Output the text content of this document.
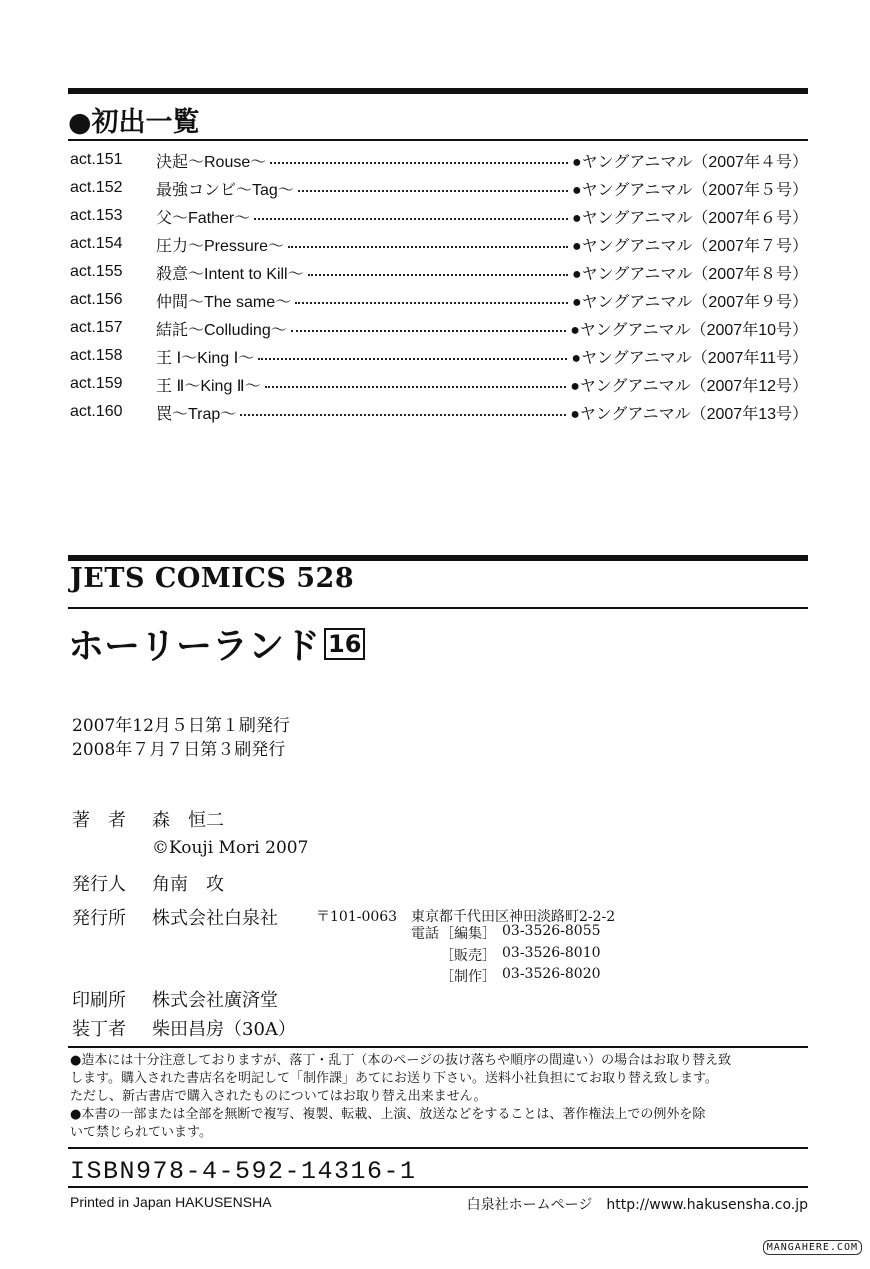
●初出一覧
act.151	決起〜Rouse〜	●ヤングアニマル（2007年４号）
act.152	最強コンビ〜Tag〜	●ヤングアニマル（2007年５号）
act.153	父〜Father〜	●ヤングアニマル（2007年６号）
act.154	圧力〜Pressure〜	●ヤングアニマル（2007年７号）
act.155	殺意〜Intent to Kill〜	●ヤングアニマル（2007年８号）
act.156	仲間〜The same〜	●ヤングアニマル（2007年９号）
act.157	結託〜Colluding〜	●ヤングアニマル（2007年10号）
act.158	王 Ⅰ〜King Ⅰ〜	●ヤングアニマル（2007年11号）
act.159	王 Ⅱ〜King Ⅱ〜	●ヤングアニマル（2007年12号）
act.160	罠〜Trap〜	●ヤングアニマル（2007年13号）
JETS COMICS 528
ホーリーランド 16
2007年12月５日第１刷発行
2008年７月７日第３刷発行
著　者 森　恒二
©Kouji Mori 2007
発行人 角南　攻
発行所 株式会社白泉社	〒101-0063 東京都千代田区神田淡路町2-2-2
電話 ［編集］ 03-3526-8055
［販売］ 03-3526-8010
［制作］ 03-3526-8020
印刷所 株式会社廣済堂
装丁者 柴田昌房（30A）
●造本には十分注意しておりますが、落丁・乱丁（本のページの抜け落ちや順序の間違い）の場合はお取り替え致
します。購入された書店名を明記して「制作課」あてにお送り下さい。送料小社負担にてお取り替え致します。
ただし、新古書店で購入されたものについてはお取り替え出来ません。
●本書の一部または全部を無断で複写、複製、転載、上演、放送などをすることは、著作権法上での例外を除
いて禁じられています。
ISBN978-4-592-14316-1
Printed in Japan HAKUSENSHA	白泉社ホームページ　http://www.hakusensha.co.jp
MANGAHERE.COM
